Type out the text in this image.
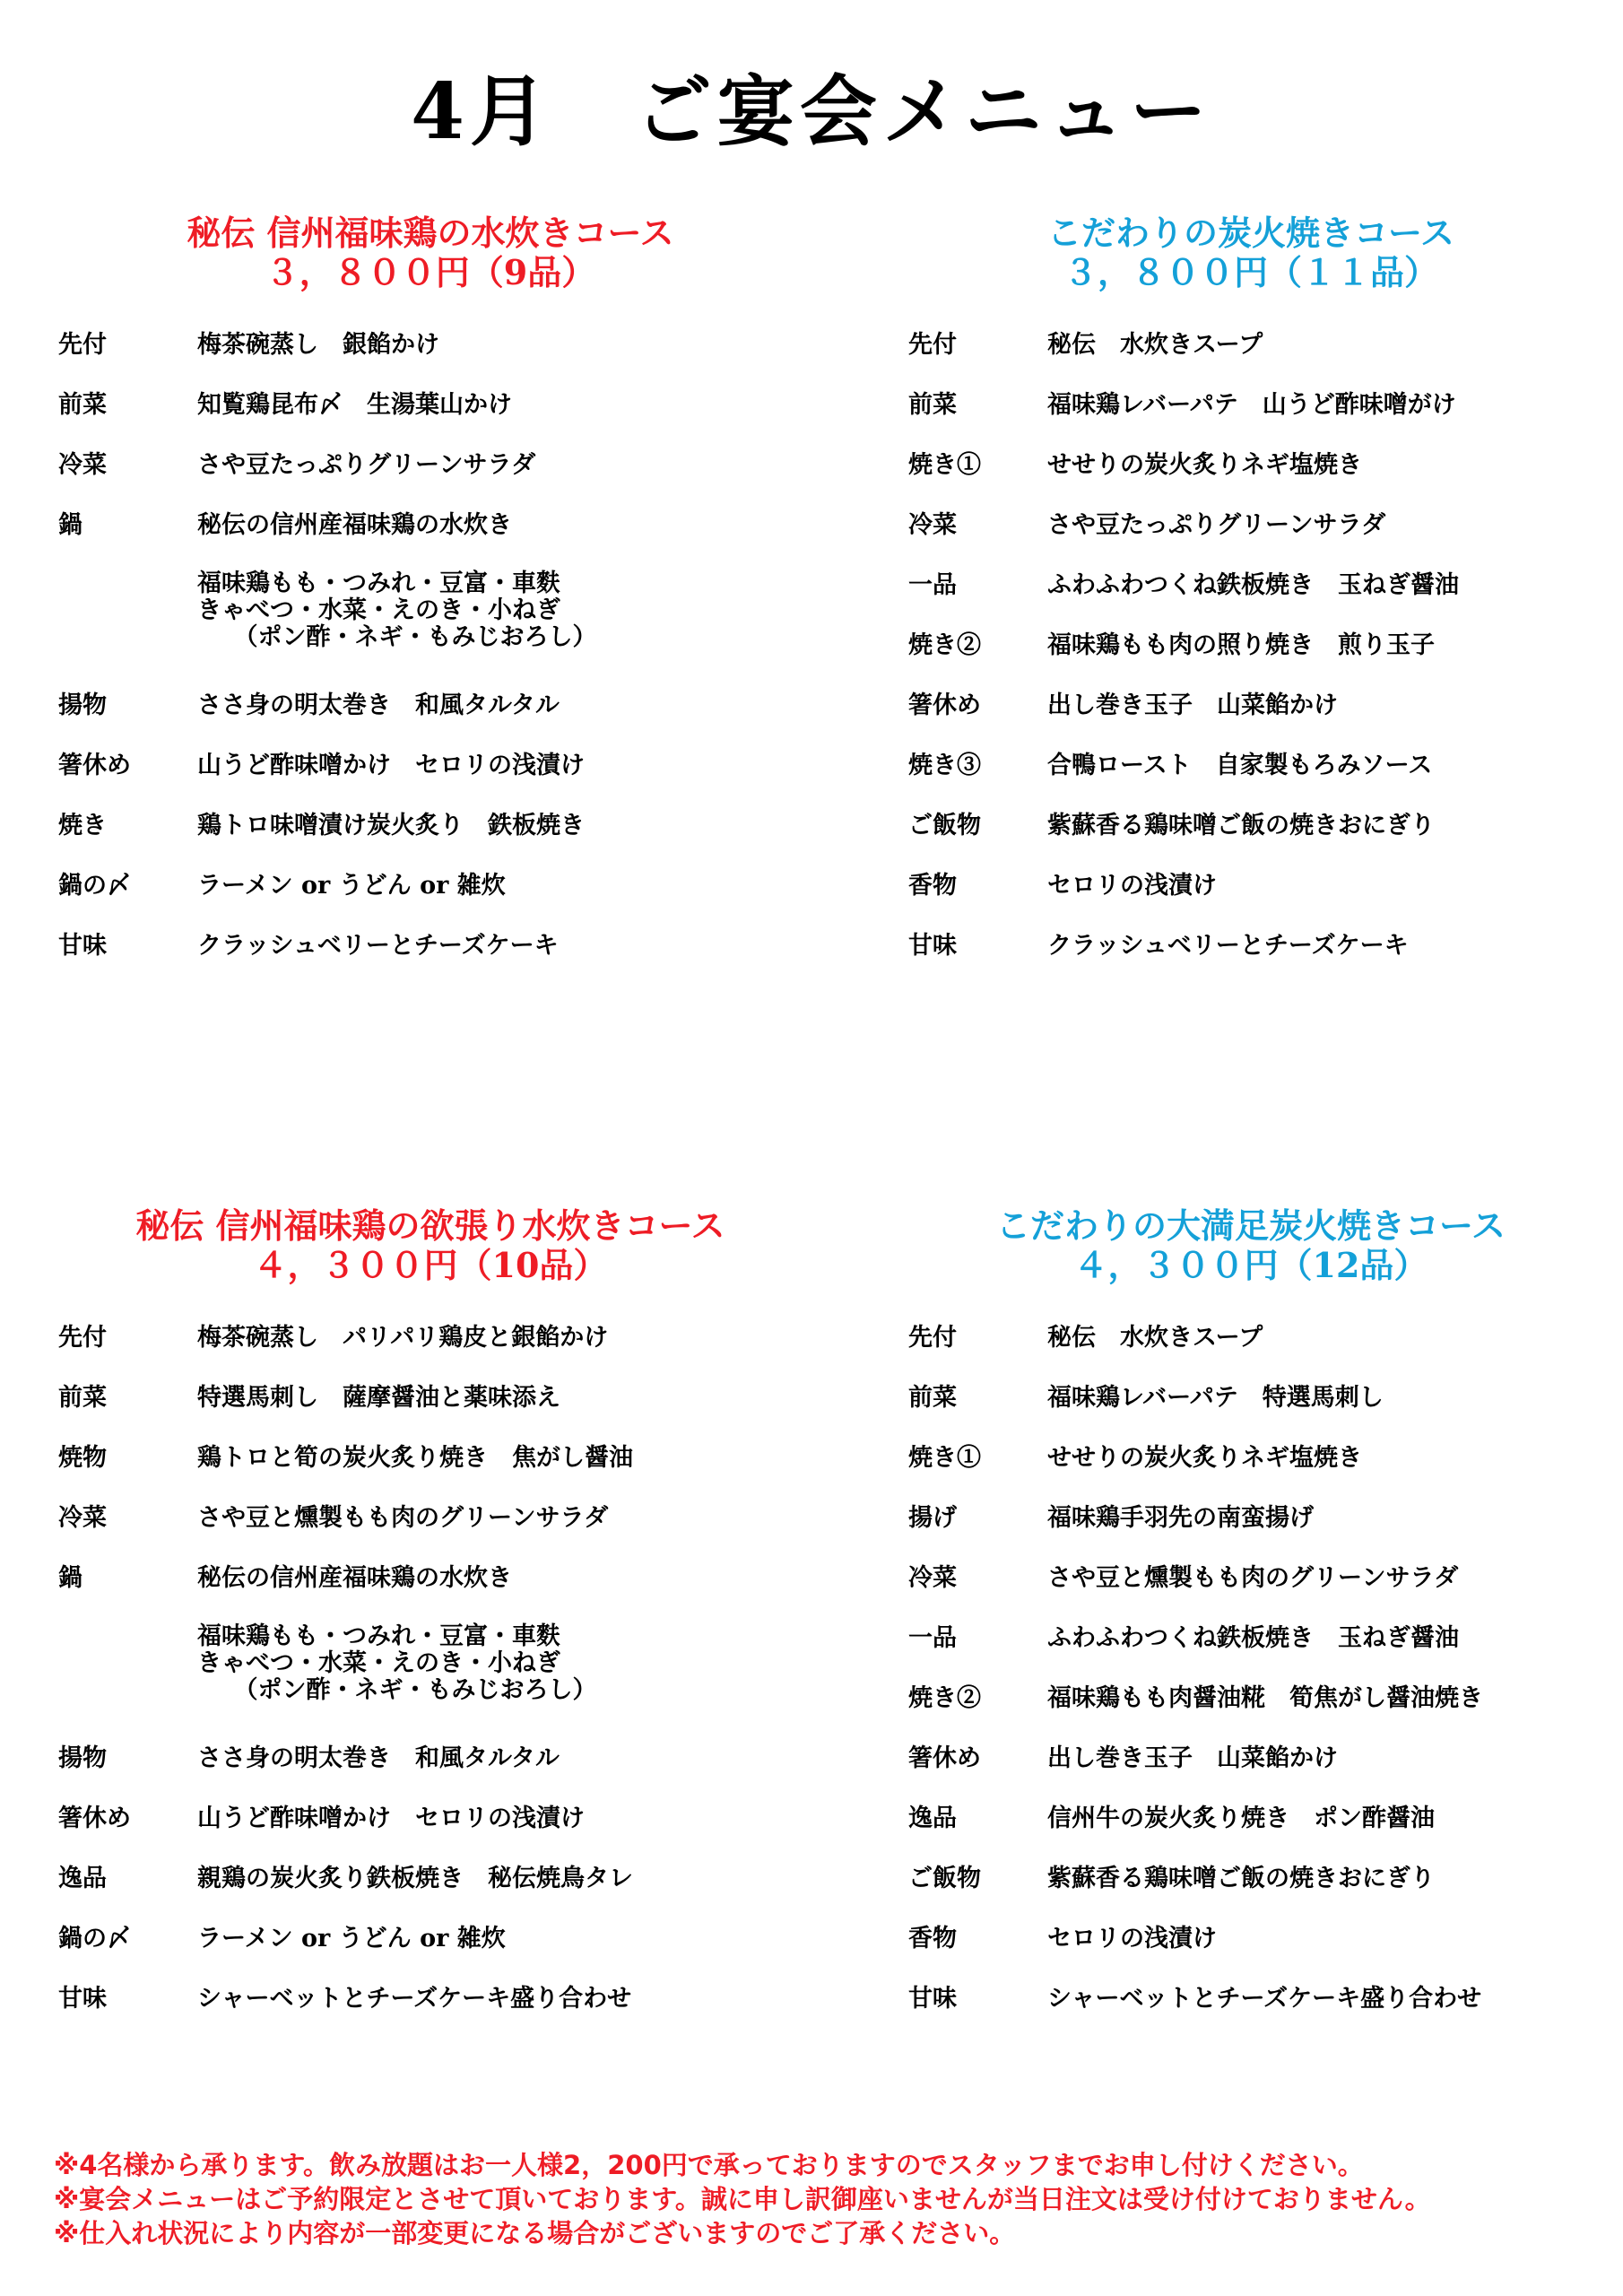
4月　ご宴会メニュー
秘伝 信州福味鶏の水炊きコース
３，８００円（9品）
先付	梅茶碗蒸し　銀餡かけ
前菜	知覧鶏昆布〆　生湯葉山かけ
冷菜	さや豆たっぷりグリーンサラダ
鍋	秘伝の信州産福味鶏の水炊き
福味鶏もも・つみれ・豆富・車麩
きゃべつ・水菜・えのき・小ねぎ
　　（ポン酢・ネギ・もみじおろし）
揚物	ささ身の明太巻き　和風タルタル
箸休め	山うど酢味噌かけ　セロリの浅漬け
焼き	鶏トロ味噌漬け炭火炙り　鉄板焼き
鍋の〆	ラーメン or うどん or 雑炊
甘味	クラッシュベリーとチーズケーキ
こだわりの炭火焼きコース
３，８００円（１１品）
先付	秘伝　水炊きスープ
前菜	福味鶏レバーパテ　山うど酢味噌がけ
焼き①	せせりの炭火炙りネギ塩焼き
冷菜	さや豆たっぷりグリーンサラダ
一品	ふわふわつくね鉄板焼き　玉ねぎ醤油
焼き②	福味鶏もも肉の照り焼き　煎り玉子
箸休め	出し巻き玉子　山菜餡かけ
焼き③	合鴨ロースト　自家製もろみソース
ご飯物	紫蘇香る鶏味噌ご飯の焼きおにぎり
香物	セロリの浅漬け
甘味	クラッシュベリーとチーズケーキ
秘伝 信州福味鶏の欲張り水炊きコース
４，３００円（10品）
先付	梅茶碗蒸し　パリパリ鶏皮と銀餡かけ
前菜	特選馬刺し　薩摩醤油と薬味添え
焼物	鶏トロと筍の炭火炙り焼き　焦がし醤油
冷菜	さや豆と燻製もも肉のグリーンサラダ
鍋	秘伝の信州産福味鶏の水炊き
福味鶏もも・つみれ・豆富・車麩
きゃべつ・水菜・えのき・小ねぎ
　　（ポン酢・ネギ・もみじおろし）
揚物	ささ身の明太巻き　和風タルタル
箸休め	山うど酢味噌かけ　セロリの浅漬け
逸品	親鶏の炭火炙り鉄板焼き　秘伝焼鳥タレ
鍋の〆	ラーメン or うどん or 雑炊
甘味	シャーベットとチーズケーキ盛り合わせ
こだわりの大満足炭火焼きコース
４，３００円（12品）
先付	秘伝　水炊きスープ
前菜	福味鶏レバーパテ　特選馬刺し
焼き①	せせりの炭火炙りネギ塩焼き
揚げ	福味鶏手羽先の南蛮揚げ
冷菜	さや豆と燻製もも肉のグリーンサラダ
一品	ふわふわつくね鉄板焼き　玉ねぎ醤油
焼き②	福味鶏もも肉醤油糀　筍焦がし醤油焼き
箸休め	出し巻き玉子　山菜餡かけ
逸品	信州牛の炭火炙り焼き　ポン酢醤油
ご飯物	紫蘇香る鶏味噌ご飯の焼きおにぎり
香物	セロリの浅漬け
甘味	シャーベットとチーズケーキ盛り合わせ
※4名様から承ります。飲み放題はお一人様2，200円で承っておりますのでスタッフまでお申し付けください。
※宴会メニューはご予約限定とさせて頂いております。誠に申し訳御座いませんが当日注文は受け付けておりません。
※仕入れ状況により内容が一部変更になる場合がございますのでご了承ください。
